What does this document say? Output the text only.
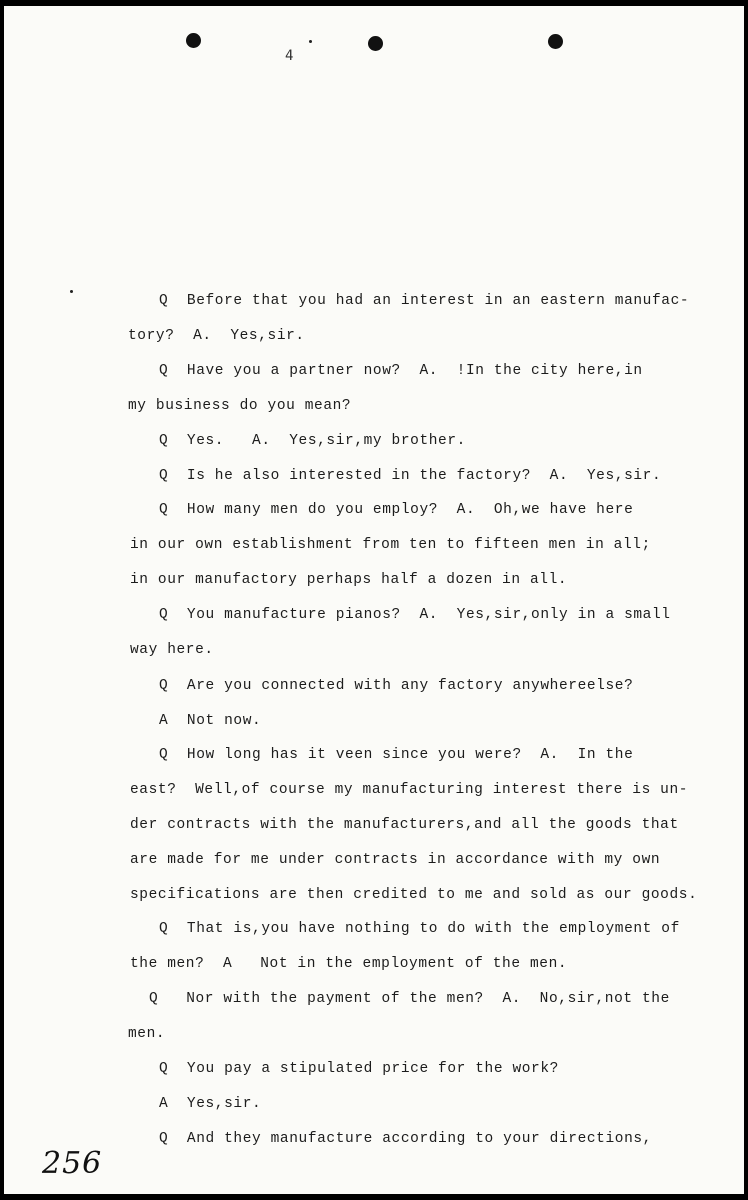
4
Q  Before that you had an interest in an eastern manufac-
tory?  A.  Yes,sir.
Q  Have you a partner now?  A.  !In the city here,in
my business do you mean?
Q  Yes.   A.  Yes,sir,my brother.
Q  Is he also interested in the factory?  A.  Yes,sir.
Q  How many men do you employ?  A.  Oh,we have here
in our own establishment from ten to fifteen men in all;
in our manufactory perhaps half a dozen in all.
Q  You manufacture pianos?  A.  Yes,sir,only in a small
way here.
Q  Are you connected with any factory anywhereelse?
A  Not now.
Q  How long has it veen since you were?  A.  In the
east?  Well,of course my manufacturing interest there is un-
der contracts with the manufacturers,and all the goods that
are made for me under contracts in accordance with my own
specifications are then credited to me and sold as our goods.
Q  That is,you have nothing to do with the employment of
the men?  A   Not in the employment of the men.
Q   Nor with the payment of the men?  A.  No,sir,not the
men.
Q  You pay a stipulated price for the work?
A  Yes,sir.
Q  And they manufacture according to your directions,
256
